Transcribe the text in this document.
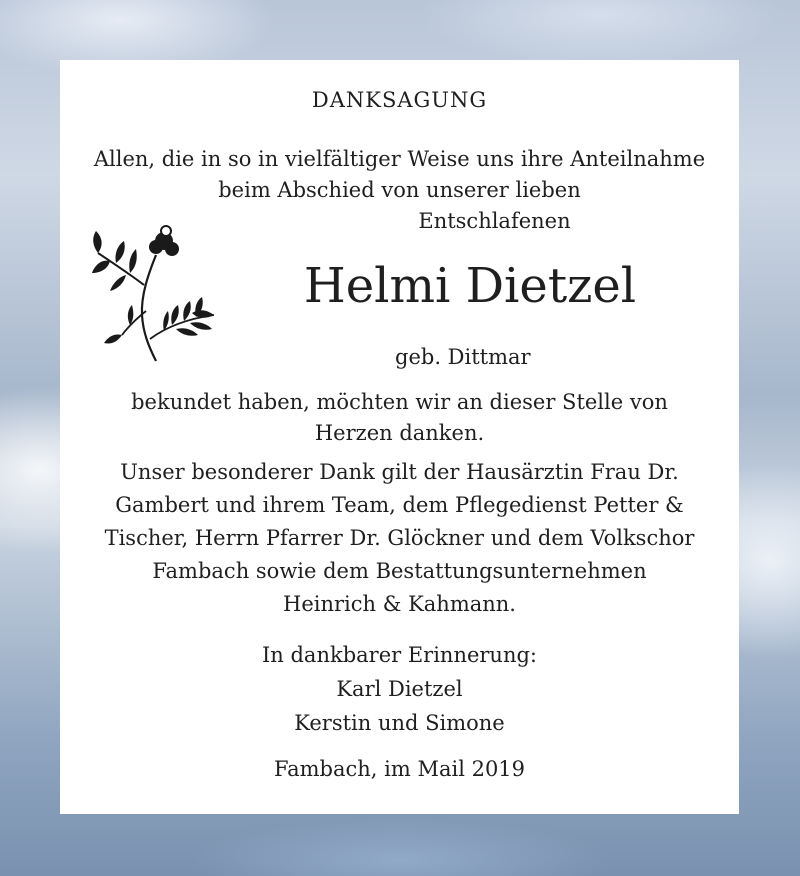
DANKSAGUNG
Allen, die in so in vielfältiger Weise uns ihre Anteilnahme
beim Abschied von unserer lieben
Entschlafenen
Helmi Dietzel
geb. Dittmar
bekundet haben, möchten wir an dieser Stelle von
Herzen danken.
Unser besonderer Dank gilt der Hausärztin Frau Dr.
Gambert und ihrem Team, dem Pflegedienst Petter &
Tischer, Herrn Pfarrer Dr. Glöckner und dem Volkschor
Fambach sowie dem Bestattungsunternehmen
Heinrich & Kahmann.
In dankbarer Erinnerung:
Karl Dietzel
Kerstin und Simone
Fambach, im Mail 2019
